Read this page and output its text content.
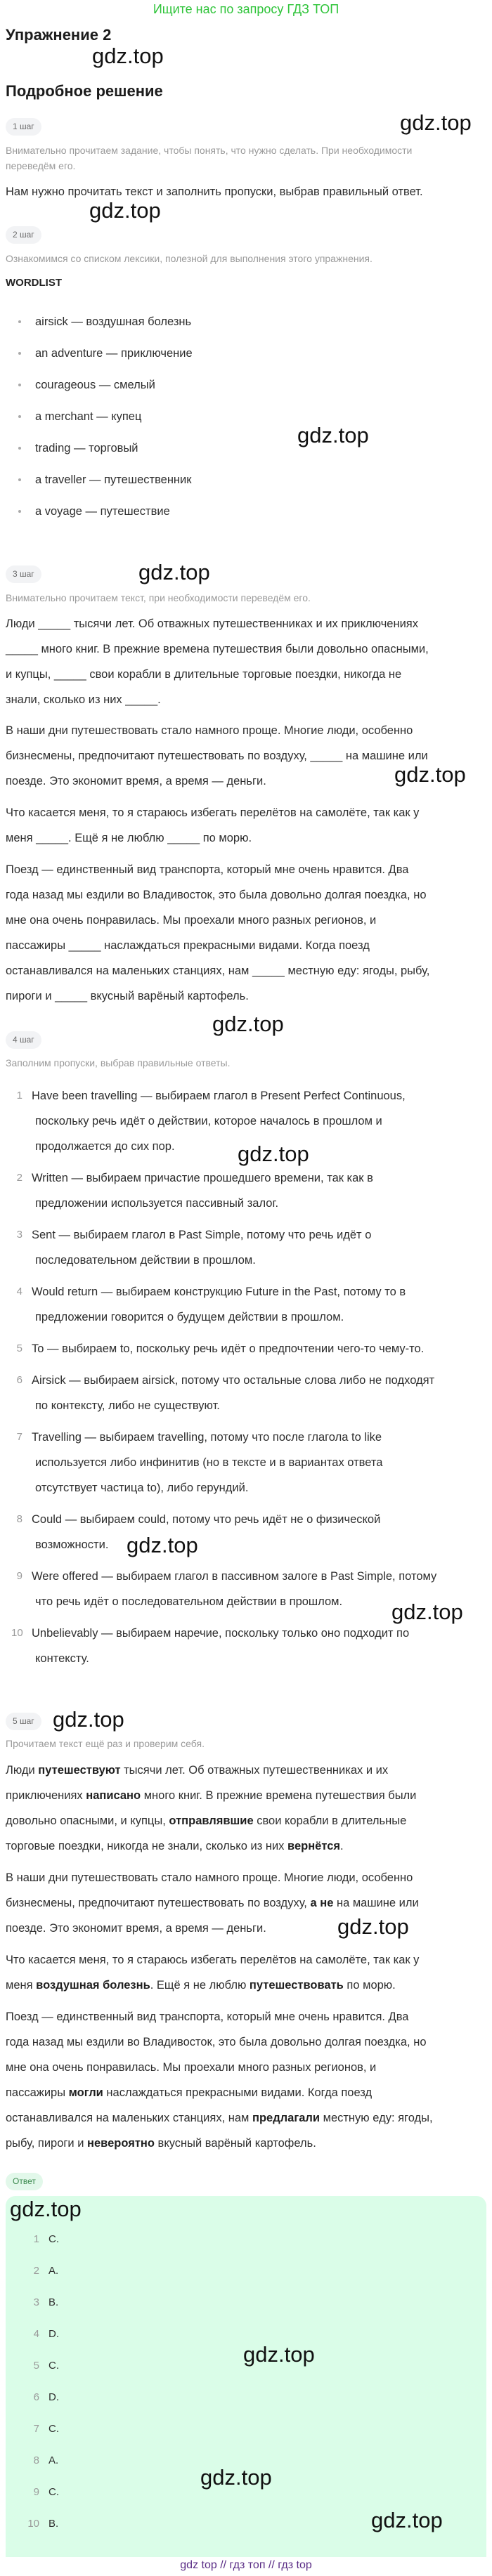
Ищите нас по запросу ГДЗ ТОП
Упражнение 2
Подробное решение
1 шаг
Внимательно прочитаем задание, чтобы понять, что нужно сделать. При необходимости
переведём его.
Нам нужно прочитать текст и заполнить пропуски, выбрав правильный ответ.
2 шаг
Ознакомимся со списком лексики, полезной для выполнения этого упражнения.
WORDLIST
airsick — воздушная болезнь
an adventure — приключение
courageous — смелый
a merchant — купец
trading — торговый
a traveller — путешественник
a voyage — путешествие
3 шаг
Внимательно прочитаем текст, при необходимости переведём его.
Люди _____ тысячи лет. Об отважных путешественниках и их приключениях
_____ много книг. В прежние времена путешествия были довольно опасными,
и купцы, _____ свои корабли в длительные торговые поездки, никогда не
знали, сколько из них _____.
В наши дни путешествовать стало намного проще. Многие люди, особенно
бизнесмены, предпочитают путешествовать по воздуху, _____ на машине или
поезде. Это экономит время, а время — деньги.
Что касается меня, то я стараюсь избегать перелётов на самолёте, так как у
меня _____. Ещё я не люблю _____ по морю.
Поезд — единственный вид транспорта, который мне очень нравится. Два
года назад мы ездили во Владивосток, это была довольно долгая поездка, но
мне она очень понравилась. Мы проехали много разных регионов, и
пассажиры _____ наслаждаться прекрасными видами. Когда поезд
останавливался на маленьких станциях, нам _____ местную еду: ягоды, рыбу,
пироги и _____ вкусный варёный картофель.
4 шаг
Заполним пропуски, выбрав правильные ответы.
1 Have been travelling — выбираем глагол в Present Perfect Continuous,
поскольку речь идёт о действии, которое началось в прошлом и
продолжается до сих пор.
2 Written — выбираем причастие прошедшего времени, так как в
предложении используется пассивный залог.
3 Sent — выбираем глагол в Past Simple, потому что речь идёт о
последовательном действии в прошлом.
4 Would return — выбираем конструкцию Future in the Past, потому то в
предложении говорится о будущем действии в прошлом.
5 To — выбираем to, поскольку речь идёт о предпочтении чего-то чему-то.
6 Airsick — выбираем airsick, потому что остальные слова либо не подходят
по контексту, либо не существуют.
7 Travelling — выбираем travelling, потому что после глагола to like
используется либо инфинитив (но в тексте и в вариантах ответа
отсутствует частица to), либо герундий.
8 Could — выбираем could, потому что речь идёт не о физической
возможности.
9 Were offered — выбираем глагол в пассивном залоге в Past Simple, потому
что речь идёт о последовательном действии в прошлом.
10 Unbelievably — выбираем наречие, поскольку только оно подходит по
контексту.
5 шаг
Прочитаем текст ещё раз и проверим себя.
Люди путешествуют тысячи лет. Об отважных путешественниках и их
приключениях написано много книг. В прежние времена путешествия были
довольно опасными, и купцы, отправлявшие свои корабли в длительные
торговые поездки, никогда не знали, сколько из них вернётся.
В наши дни путешествовать стало намного проще. Многие люди, особенно
бизнесмены, предпочитают путешествовать по воздуху, а не на машине или
поезде. Это экономит время, а время — деньги.
Что касается меня, то я стараюсь избегать перелётов на самолёте, так как у
меня воздушная болезнь. Ещё я не люблю путешествовать по морю.
Поезд — единственный вид транспорта, который мне очень нравится. Два
года назад мы ездили во Владивосток, это была довольно долгая поездка, но
мне она очень понравилась. Мы проехали много разных регионов, и
пассажиры могли наслаждаться прекрасными видами. Когда поезд
останавливался на маленьких станциях, нам предлагали местную еду: ягоды,
рыбу, пироги и невероятно вкусный варёный картофель.
Ответ
1 C.
2 A.
3 B.
4 D.
5 C.
6 D.
7 C.
8 A.
9 C.
10 B.
gdz top // гдз топ // гдз top
gdz.top
gdz.top
gdz.top
gdz.top
gdz.top
gdz.top
gdz.top
gdz.top
gdz.top
gdz.top
gdz.top
gdz.top
gdz.top
gdz.top
gdz.top
gdz.top
